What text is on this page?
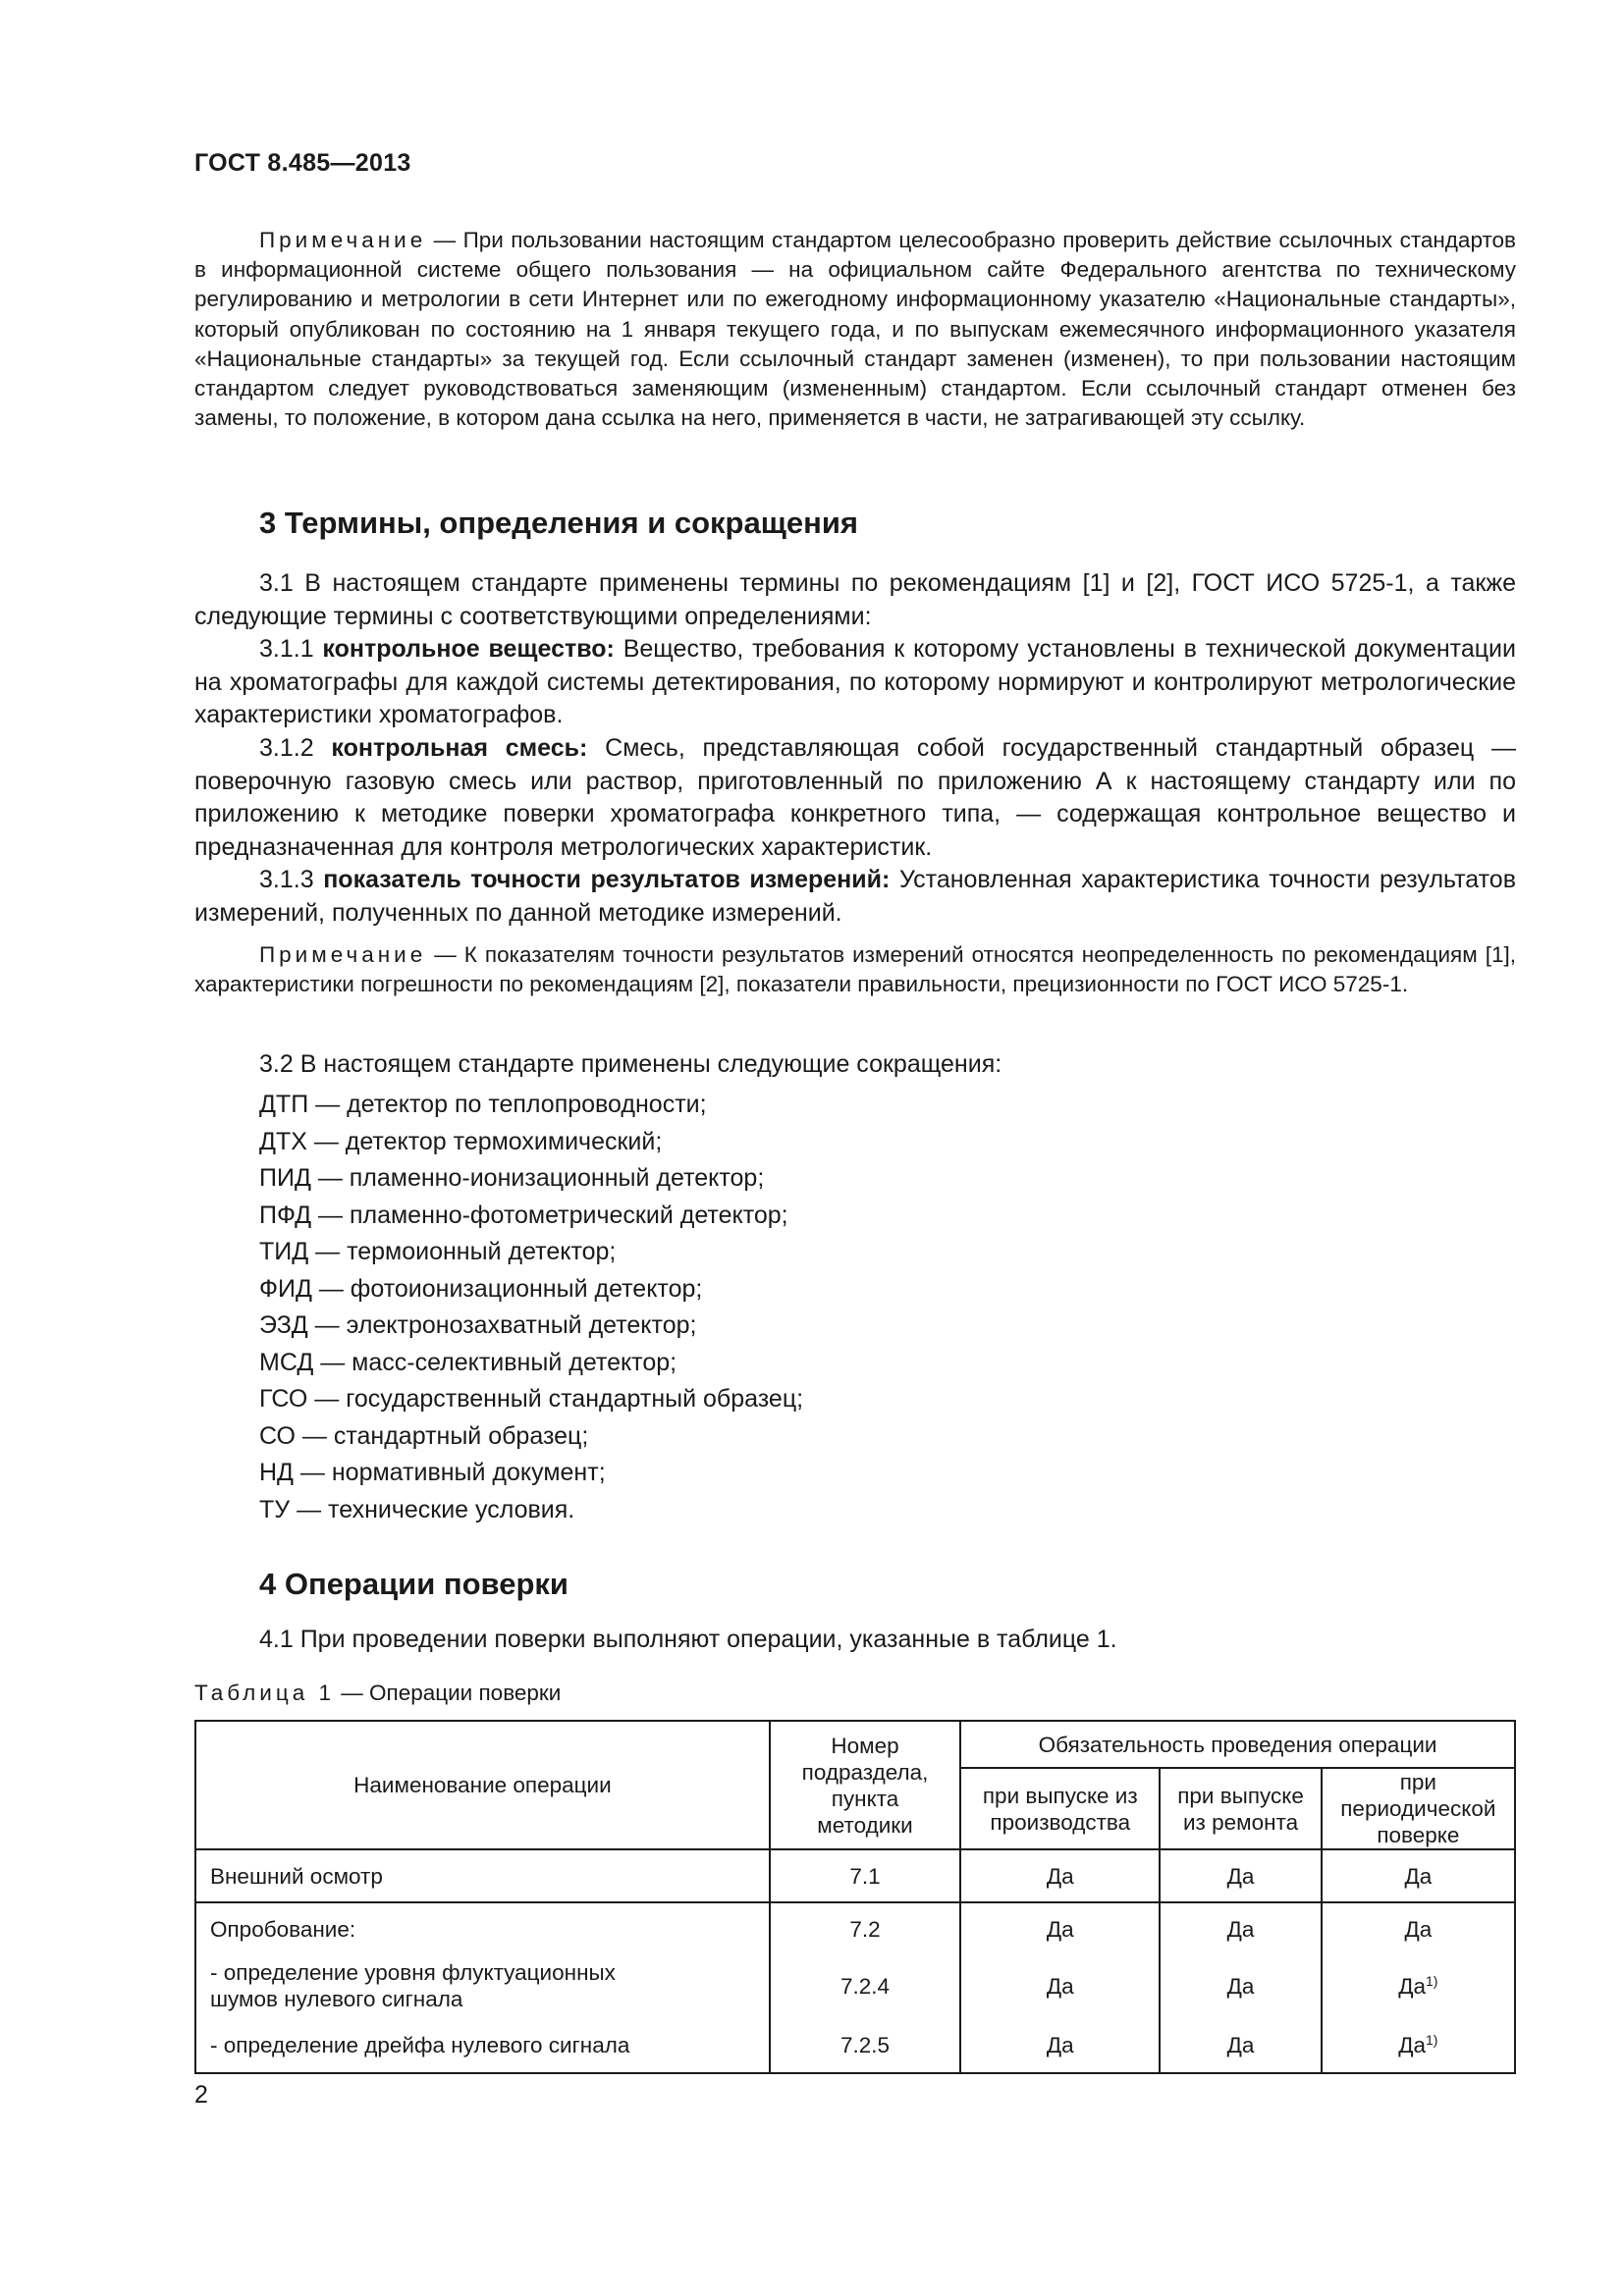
ГОСТ 8.485—2013
Примечание — При пользовании настоящим стандартом целесообразно проверить действие ссылочных стандартов в информационной системе общего пользования — на официальном сайте Федерального агентства по техническому регулированию и метрологии в сети Интернет или по ежегодному информационному указателю «Национальные стандарты», который опубликован по состоянию на 1 января текущего года, и по выпускам ежемесячного информационного указателя «Национальные стандарты» за текущей год. Если ссылочный стандарт заменен (изменен), то при пользовании настоящим стандартом следует руководствоваться заменяющим (измененным) стандартом. Если ссылочный стандарт отменен без замены, то положение, в котором дана ссылка на него, применяется в части, не затрагивающей эту ссылку.
3 Термины, определения и сокращения
3.1 В настоящем стандарте применены термины по рекомендациям [1] и [2], ГОСТ ИСО 5725-1, а также следующие термины с соответствующими определениями:
3.1.1 контрольное вещество: Вещество, требования к которому установлены в технической документации на хроматографы для каждой системы детектирования, по которому нормируют и контролируют метрологические характеристики хроматографов.
3.1.2 контрольная смесь: Смесь, представляющая собой государственный стандартный образец — поверочную газовую смесь или раствор, приготовленный по приложению А к настоящему стандарту или по приложению к методике поверки хроматографа конкретного типа, — содержащая контрольное вещество и предназначенная для контроля метрологических характеристик.
3.1.3 показатель точности результатов измерений: Установленная характеристика точности результатов измерений, полученных по данной методике измерений.
Примечание — К показателям точности результатов измерений относятся неопределенность по рекомендациям [1], характеристики погрешности по рекомендациям [2], показатели правильности, прецизионности по ГОСТ ИСО 5725-1.
3.2 В настоящем стандарте применены следующие сокращения:
ДТП — детектор по теплопроводности;
ДТХ — детектор термохимический;
ПИД — пламенно-ионизационный детектор;
ПФД — пламенно-фотометрический детектор;
ТИД — термоионный детектор;
ФИД — фотоионизационный детектор;
ЭЗД — электронозахватный детектор;
МСД — масс-селективный детектор;
ГСО — государственный стандартный образец;
СО — стандартный образец;
НД — нормативный документ;
ТУ — технические условия.
4 Операции поверки
4.1 При проведении поверки выполняют операции, указанные в таблице 1.
Таблица 1 — Операции поверки
Наименование операции	Номер подраздела, пункта методики	Обязательность проведения операции		
		при выпуске из производства	при выпуске из ремонта	при периодической поверке
Внешний осмотр	7.1	Да	Да	Да
Опробование:	7.2	Да	Да	Да
- определение уровня флуктуационных шумов нулевого сигнала	7.2.4	Да	Да	$Да^{1)}$
- определение дрейфа нулевого сигнала	7.2.5	Да	Да	$Да^{1)}$
2
